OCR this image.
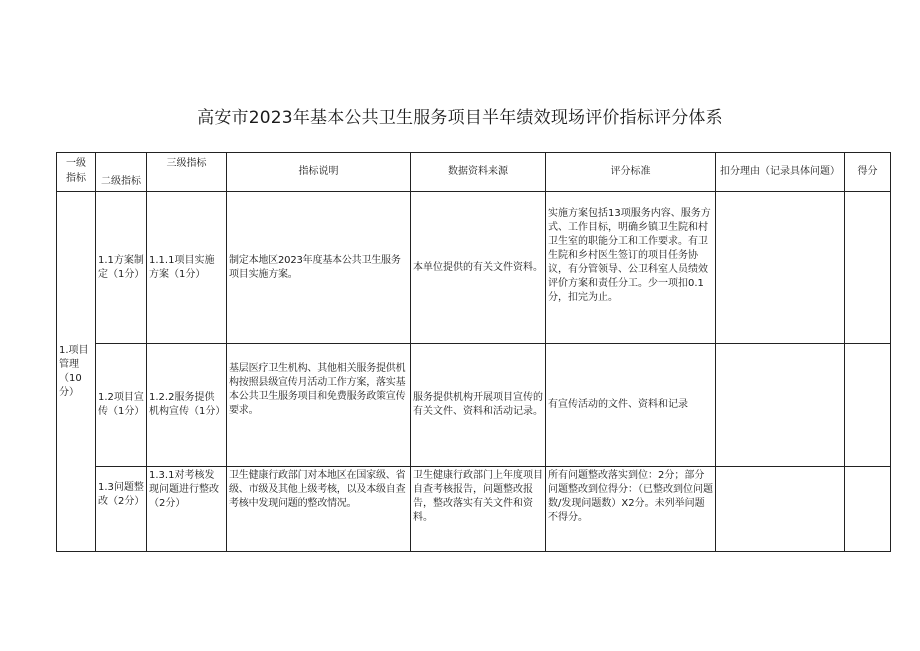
高安市2023年基本公共卫生服务项目半年绩效现场评价指标评分体系
一级
指标	二级指标	三级指标	指标说明	数据资料来源	评分标准	扣分理由（记录具体问题）	得分
1.项目
管理（10
分）	1.1方案制定（1分）	1.1.1项目实施方案（1分）	制定本地区2023年度基本公共卫生服务项目实施方案。	本单位提供的有关文件资料。	实施方案包括13项服务内容、服务方式、工作目标，明确乡镇卫生院和村卫生室的职能分工和工作要求。有卫生院和乡村医生签订的项目任务协议，有分管领导、公卫科室人员绩效评价方案和责任分工。少一项扣0.1分，扣完为止。		
	1.2项目宣传（1分）	1.2.2服务提供机构宣传（1分）	基层医疗卫生机构、其他相关服务提供机构按照县级宣传月活动工作方案，落实基本公共卫生服务项目和免费服务政策宣传要求。	服务提供机构开展项目宣传的有关文件、资料和活动记录。	有宣传活动的文件、资料和记录		
	1.3问题整改（2分）	1.3.1对考核发现问题进行整改（2分）	卫生健康行政部门对本地区在国家级、省级、市级及其他上级考核，以及本级自查考核中发现问题的整改情况。	卫生健康行政部门上年度项目自查考核报告，问题整改报告，整改落实有关文件和资料。	所有问题整改落实到位：2分；部分问题整改到位得分：（已整改到位问题数/发现问题数）X2分。未列举问题不得分。		
